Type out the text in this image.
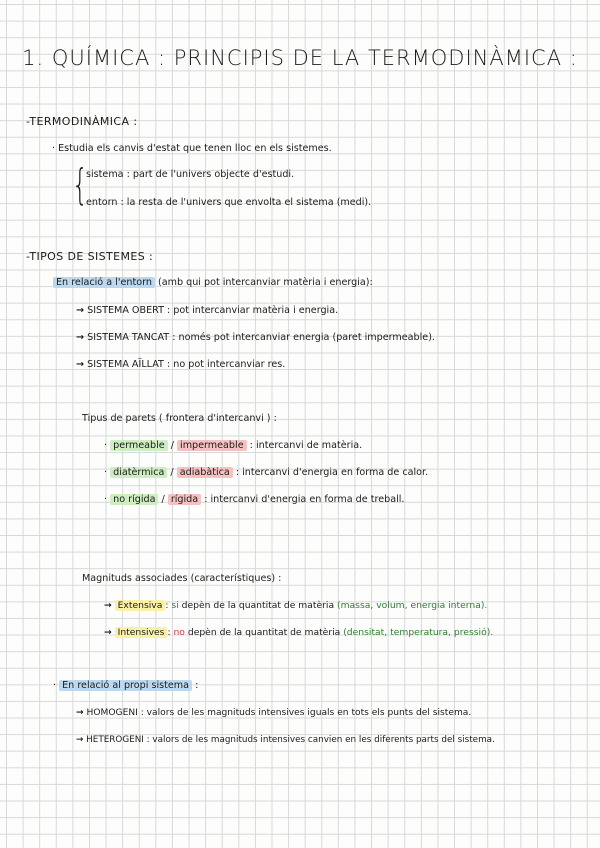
1. QUÍMICA : PRINCIPIS DE LA TERMODINÀMICA :
-TERMODINÀMICA :
· Estudia els canvis d'estat que tenen lloc en els sistemes.
{
sistema : part de l'univers objecte d'estudi.
entorn : la resta de l'univers que envolta el sistema (medi).
-TIPOS DE SISTEMES :
En relació a l'entorn (amb qui pot intercanviar matèria i energia):
→ SISTEMA OBERT : pot intercanviar matèria i energia.
→ SISTEMA TANCAT : només pot intercanviar energia (paret impermeable).
→ SISTEMA AÏLLAT : no pot intercanviar res.
Tipus de parets ( frontera d'intercanvi ) :
· permeable / impermeable : intercanvi de matèria.
· diatèrmica / adiabàtica : intercanvi d'energia en forma de calor.
· no rígida / rígida : intercanvi d'energia en forma de treball.
Magnituds associades (característiques) :
→ Extensiva : si depèn de la quantitat de matèria (massa, volum, energia interna).
→ Intensives : no depèn de la quantitat de matèria (densitat, temperatura, pressió).
· En relació al propi sistema :
→ HOMOGENI : valors de les magnituds intensives iguals en tots els punts del sistema.
→ HETEROGENI : valors de les magnituds intensives canvien en les diferents parts del sistema.
